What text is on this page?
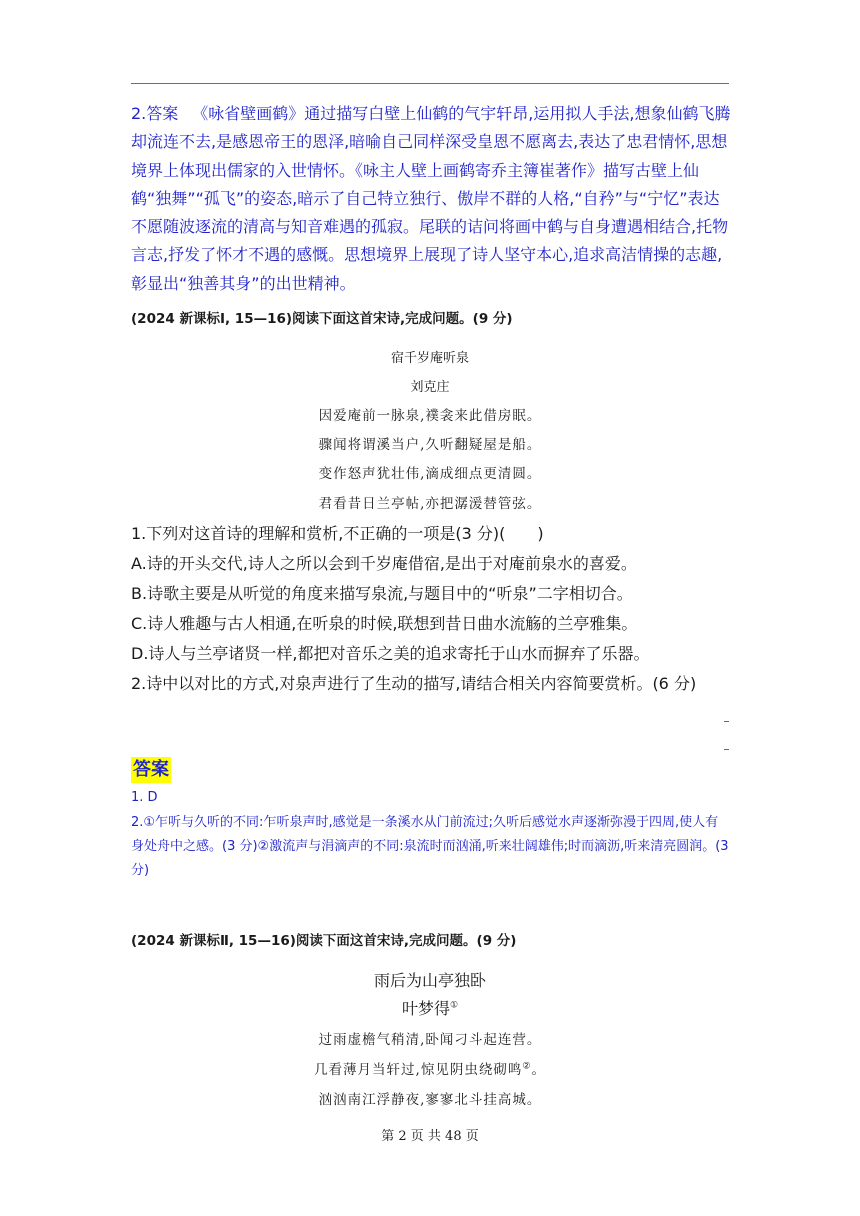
2.答案 《咏省壁画鹤》通过描写白壁上仙鹤的气宇轩昂,运用拟人手法,想象仙鹤飞腾却流连不去,是感恩帝王的恩泽,暗喻自己同样深受皇恩不愿离去,表达了忠君情怀,思想境界上体现出儒家的入世情怀。《咏主人壁上画鹤寄乔主簿崔著作》描写古壁上仙鹤“独舞”“孤飞”的姿态,暗示了自己特立独行、傲岸不群的人格,“自矜”与“宁忆”表达不愿随波逐流的清高与知音难遇的孤寂。尾联的诘问将画中鹤与自身遭遇相结合,托物言志,抒发了怀才不遇的感慨。思想境界上展现了诗人坚守本心,追求高洁情操的志趣,彰显出“独善其身”的出世精神。
(2024 新课标Ⅰ, 15—16)阅读下面这首宋诗,完成问题。(9 分)
宿千岁庵听泉
刘克庄
因爱庵前一脉泉,襆衾来此借房眠。
骤闻将谓溪当户,久听翻疑屋是船。
变作怒声犹壮伟,滴成细点更清圆。
君看昔日兰亭帖,亦把潺湲替管弦。
1.下列对这首诗的理解和赏析,不正确的一项是(3 分)(　　)
A.诗的开头交代,诗人之所以会到千岁庵借宿,是出于对庵前泉水的喜爱。
B.诗歌主要是从听觉的角度来描写泉流,与题目中的“听泉”二字相切合。
C.诗人雅趣与古人相通,在听泉的时候,联想到昔日曲水流觞的兰亭雅集。
D.诗人与兰亭诸贤一样,都把对音乐之美的追求寄托于山水而摒弃了乐器。
2.诗中以对比的方式,对泉声进行了生动的描写,请结合相关内容简要赏析。(6 分)
答案
1. D
2.①乍听与久听的不同:乍听泉声时,感觉是一条溪水从门前流过;久听后感觉水声逐渐弥漫于四周,使人有身处舟中之感。(3 分)②激流声与涓滴声的不同:泉流时而汹涌,听来壮阔雄伟;时而滴沥,听来清亮圆润。(3 分)
(2024 新课标Ⅱ, 15—16)阅读下面这首宋诗,完成问题。(9 分)
雨后为山亭独卧
叶梦得①
过雨虚檐气稍清,卧闻刁斗起连营。
几看薄月当轩过,惊见阴虫绕砌鸣②。
汹汹南江浮静夜,寥寥北斗挂高城。
第 2 页 共 48 页
